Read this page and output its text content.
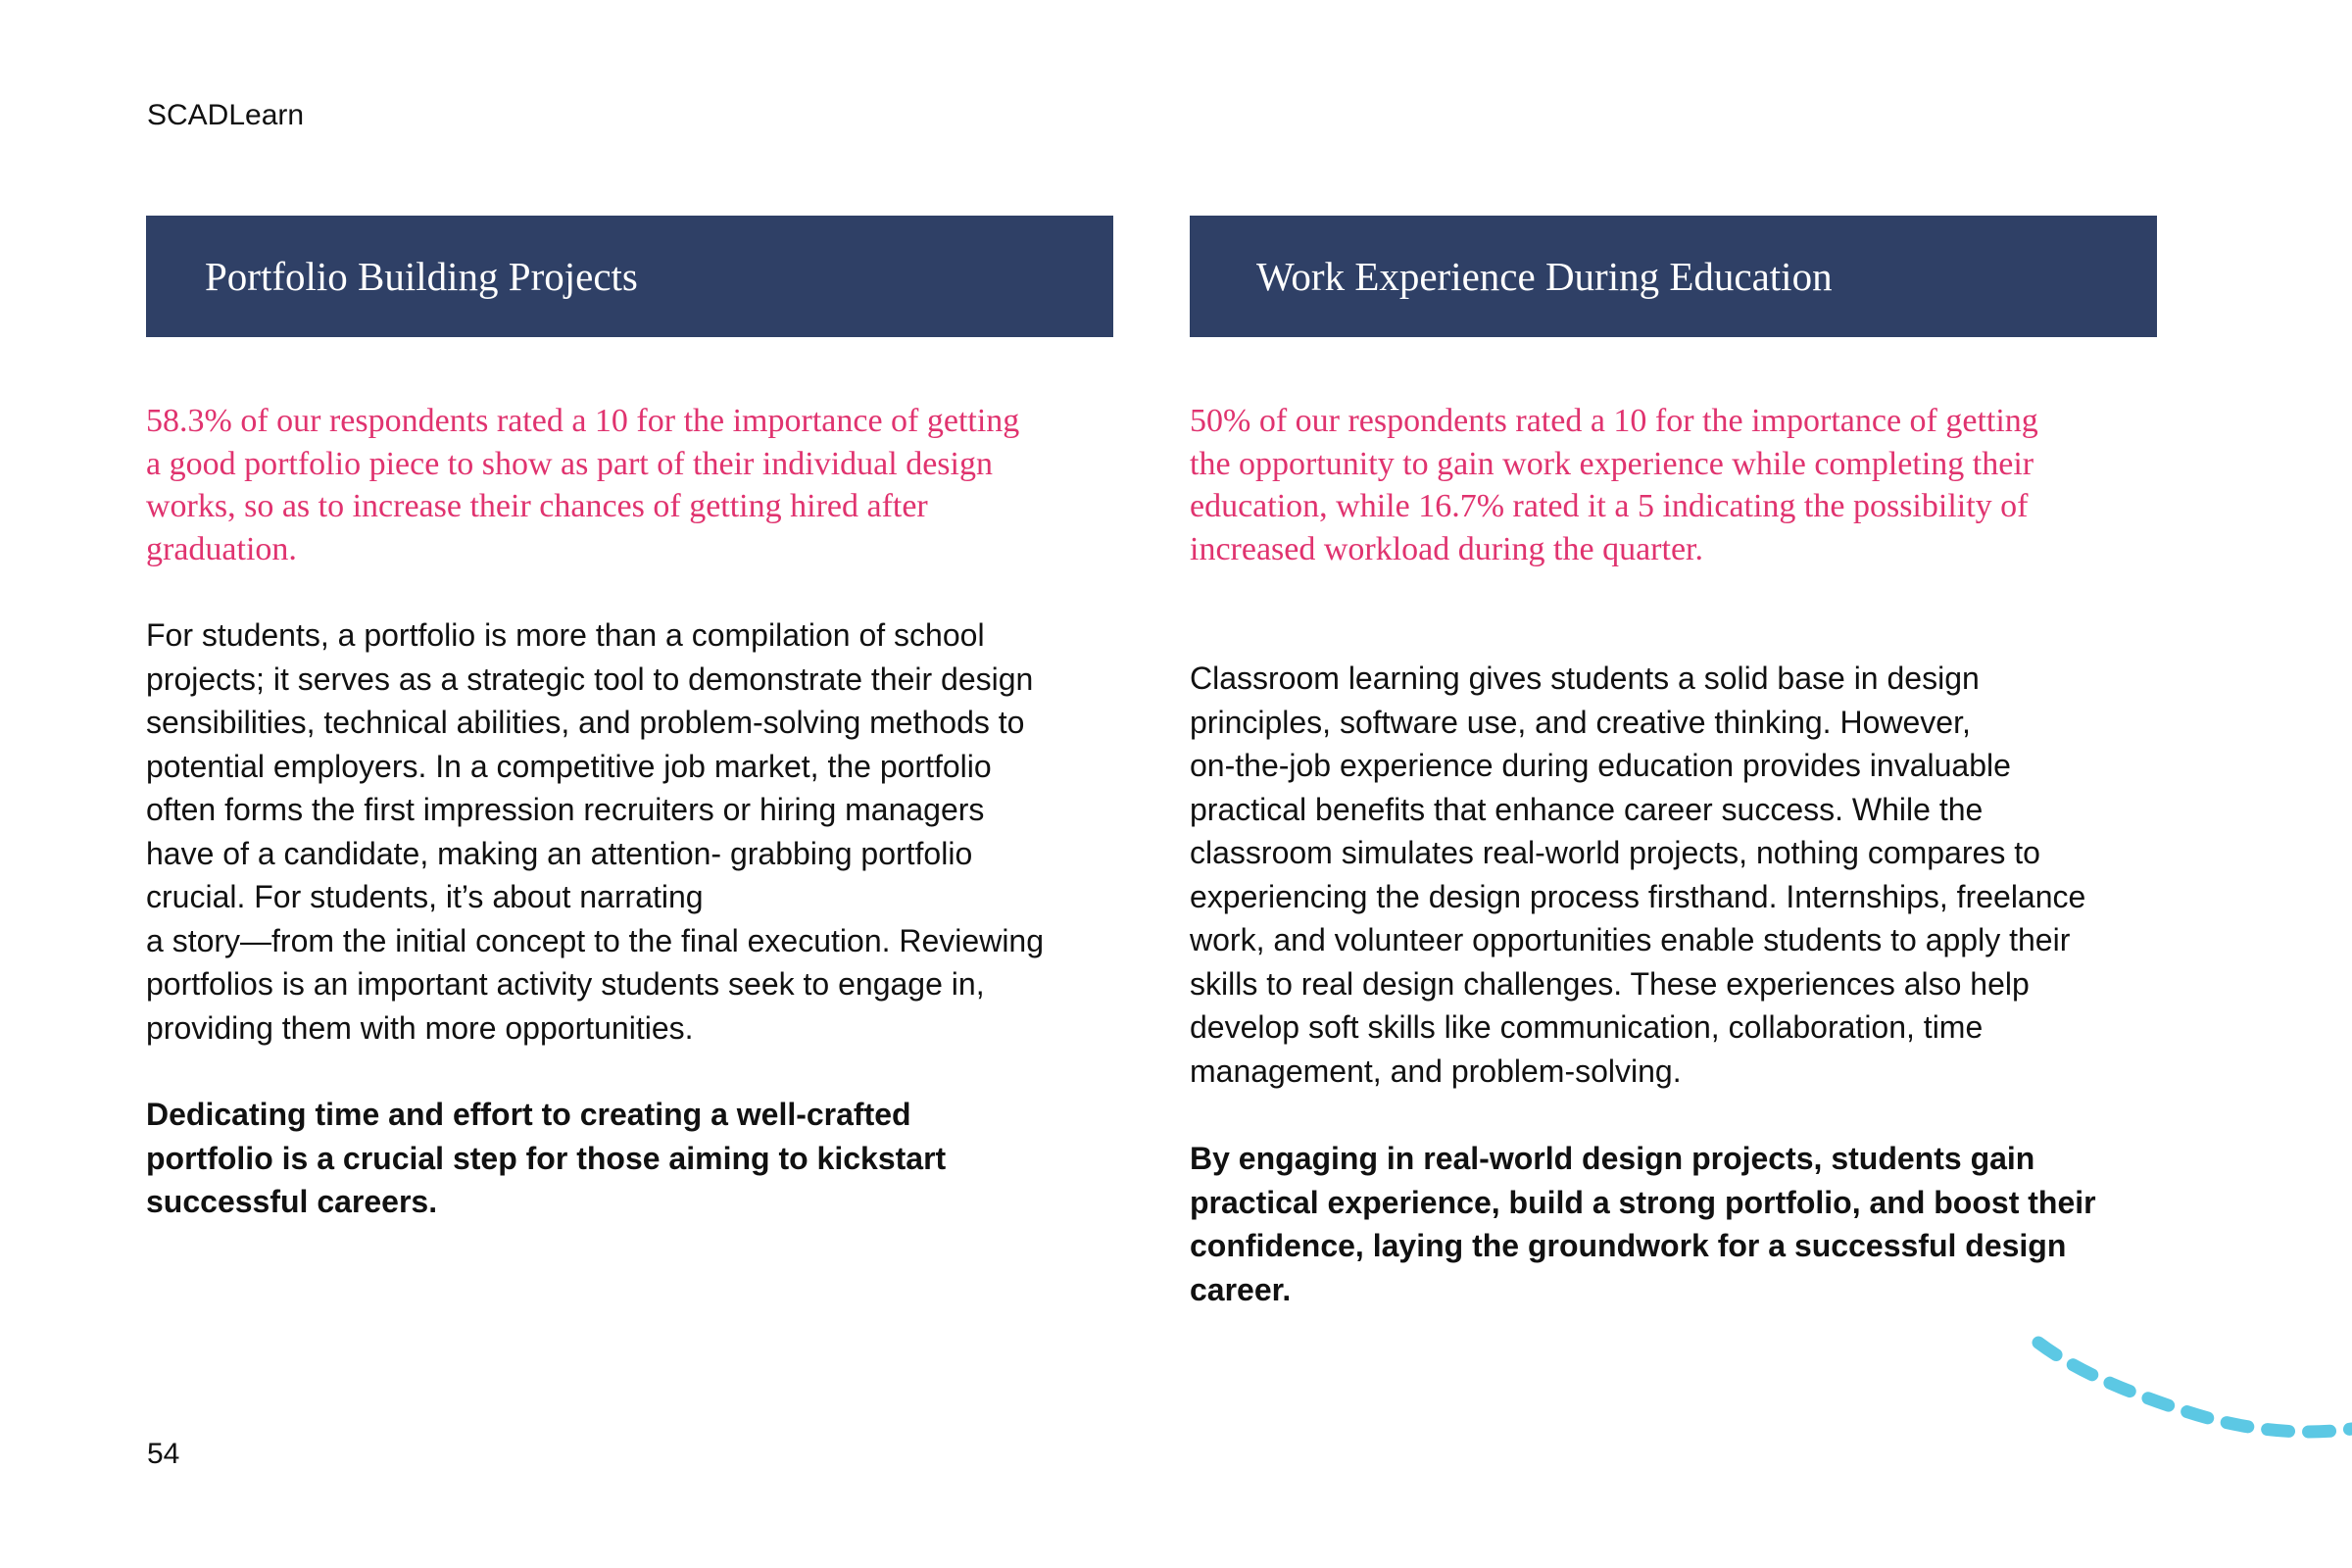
SCADLearn
Portfolio Building Projects

58.3% of our respondents rated a 10 for the importance of getting
a good portfolio piece to show as part of their individual design
works, so as to increase their chances of getting hired after
graduation.

For students, a portfolio is more than a compilation of school
projects; it serves as a strategic tool to demonstrate their design
sensibilities, technical abilities, and problem-solving methods to
potential employers. In a competitive job market, the portfolio
often forms the first impression recruiters or hiring managers
have of a candidate, making an attention- grabbing portfolio
crucial. For students, it’s about narrating
a story—from the initial concept to the final execution. Reviewing
portfolios is an important activity students seek to engage in,
providing them with more opportunities.

Dedicating time and effort to creating a well-crafted
portfolio is a crucial step for those aiming to kickstart
successful careers.

Work Experience During Education

50% of our respondents rated a 10 for the importance of getting
the opportunity to gain work experience while completing their
education, while 16.7% rated it a 5 indicating the possibility of
increased workload during the quarter.

Classroom learning gives students a solid base in design
principles, software use, and creative thinking. However,
on-the-job experience during education provides invaluable
practical benefits that enhance career success. While the
classroom simulates real-world projects, nothing compares to
experiencing the design process firsthand. Internships, freelance
work, and volunteer opportunities enable students to apply their
skills to real design challenges. These experiences also help
develop soft skills like communication, collaboration, time
management, and problem-solving.

By engaging in real-world design projects, students gain
practical experience, build a strong portfolio, and boost their
confidence, laying the groundwork for a successful design
career.

54
